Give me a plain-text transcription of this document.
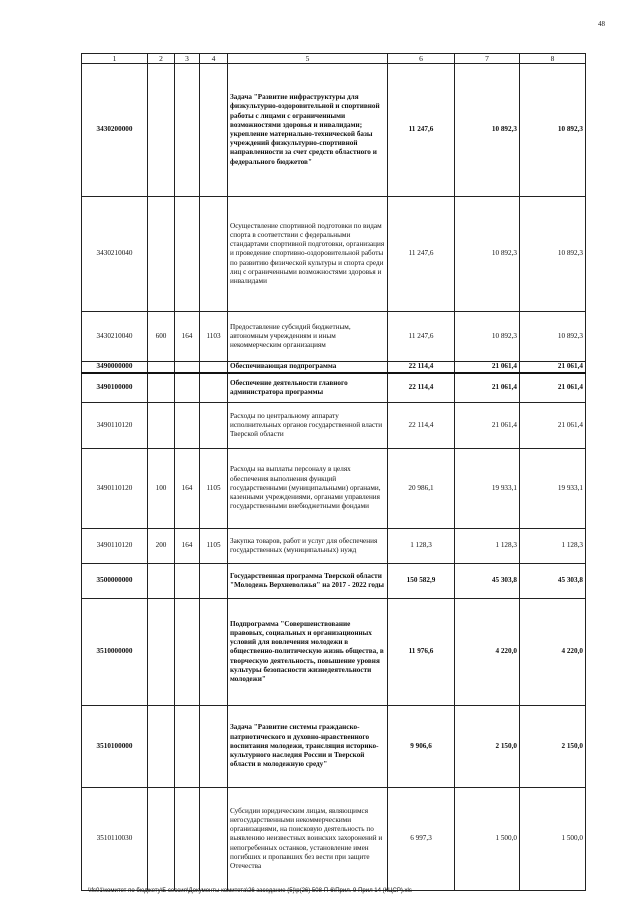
48
1	2	3	4	5	6	7	8
3430200000				Задача "Развитие инфраструктуры для физкультурно-оздоровительной и спортивной работы с лицами с ограниченными возможностями здоровья и инвалидами; укрепление материально-технической базы учреждений физкультурно-спортивной направленности за счет средств областного и федерального бюджетов"	11 247,6	10 892,3	10 892,3
3430210040				Осуществление спортивной подготовки по видам спорта в соответствии с федеральными стандартами спортивной подготовки, организация и проведение спортивно-оздоровительной работы по развитию физической культуры и спорта среди лиц с ограниченными возможностями здоровья и инвалидами	11 247,6	10 892,3	10 892,3
3430210040	600	164	1103	Предоставление субсидий бюджетным, автономным учреждениям и иным некоммерческим организациям	11 247,6	10 892,3	10 892,3
3490000000				Обеспечивающая подпрограмма	22 114,4	21 061,4	21 061,4
3490100000				Обеспечение деятельности главного администратора программы	22 114,4	21 061,4	21 061,4
3490110120				Расходы по центральному аппарату исполнительных органов государственной власти Тверской области	22 114,4	21 061,4	21 061,4
3490110120	100	164	1105	Расходы на выплаты персоналу в целях обеспечения выполнения функций государственными (муниципальными) органами, казенными учреждениями, органами управления государственными внебюджетными фондами	20 986,1	19 933,1	19 933,1
3490110120	200	164	1105	Закупка товаров, работ и услуг для обеспечения государственных (муниципальных) нужд	1 128,3	1 128,3	1 128,3
3500000000				Государственная программа Тверской области "Молодежь Верхневолжья" на 2017 - 2022 годы	150 582,9	45 303,8	45 303,8
3510000000				Подпрограмма "Совершенствование правовых, социальных и организационных условий для вовлечения молодежи в общественно-политическую жизнь общества, в творческую деятельность, повышение уровня культуры безопасности жизнедеятельности молодежи"	11 976,6	4 220,0	4 220,0
3510100000				Задача "Развитие системы гражданско-патриотического и духовно-нравственного воспитания молодежи, трансляция историко-культурного наследия России и Тверской области в молодежную среду"	9 906,6	2 150,0	2 150,0
3510110030				Субсидии юридическим лицам, являющимся негосударственными некоммерческими организациями, на поисковую деятельность по выявлению неизвестных воинских захоронений и непогребенных останков, установление имен погибших и пропавших без вести при защите Отечества	6 997,3	1 500,0	1 500,0
\\fs01\комитет по бюджету\Б сессия\Документы комитета\26 заседание (5)\р(26) 508-П-6\Прил. 9 Прил 14 (КЦСР).xls
